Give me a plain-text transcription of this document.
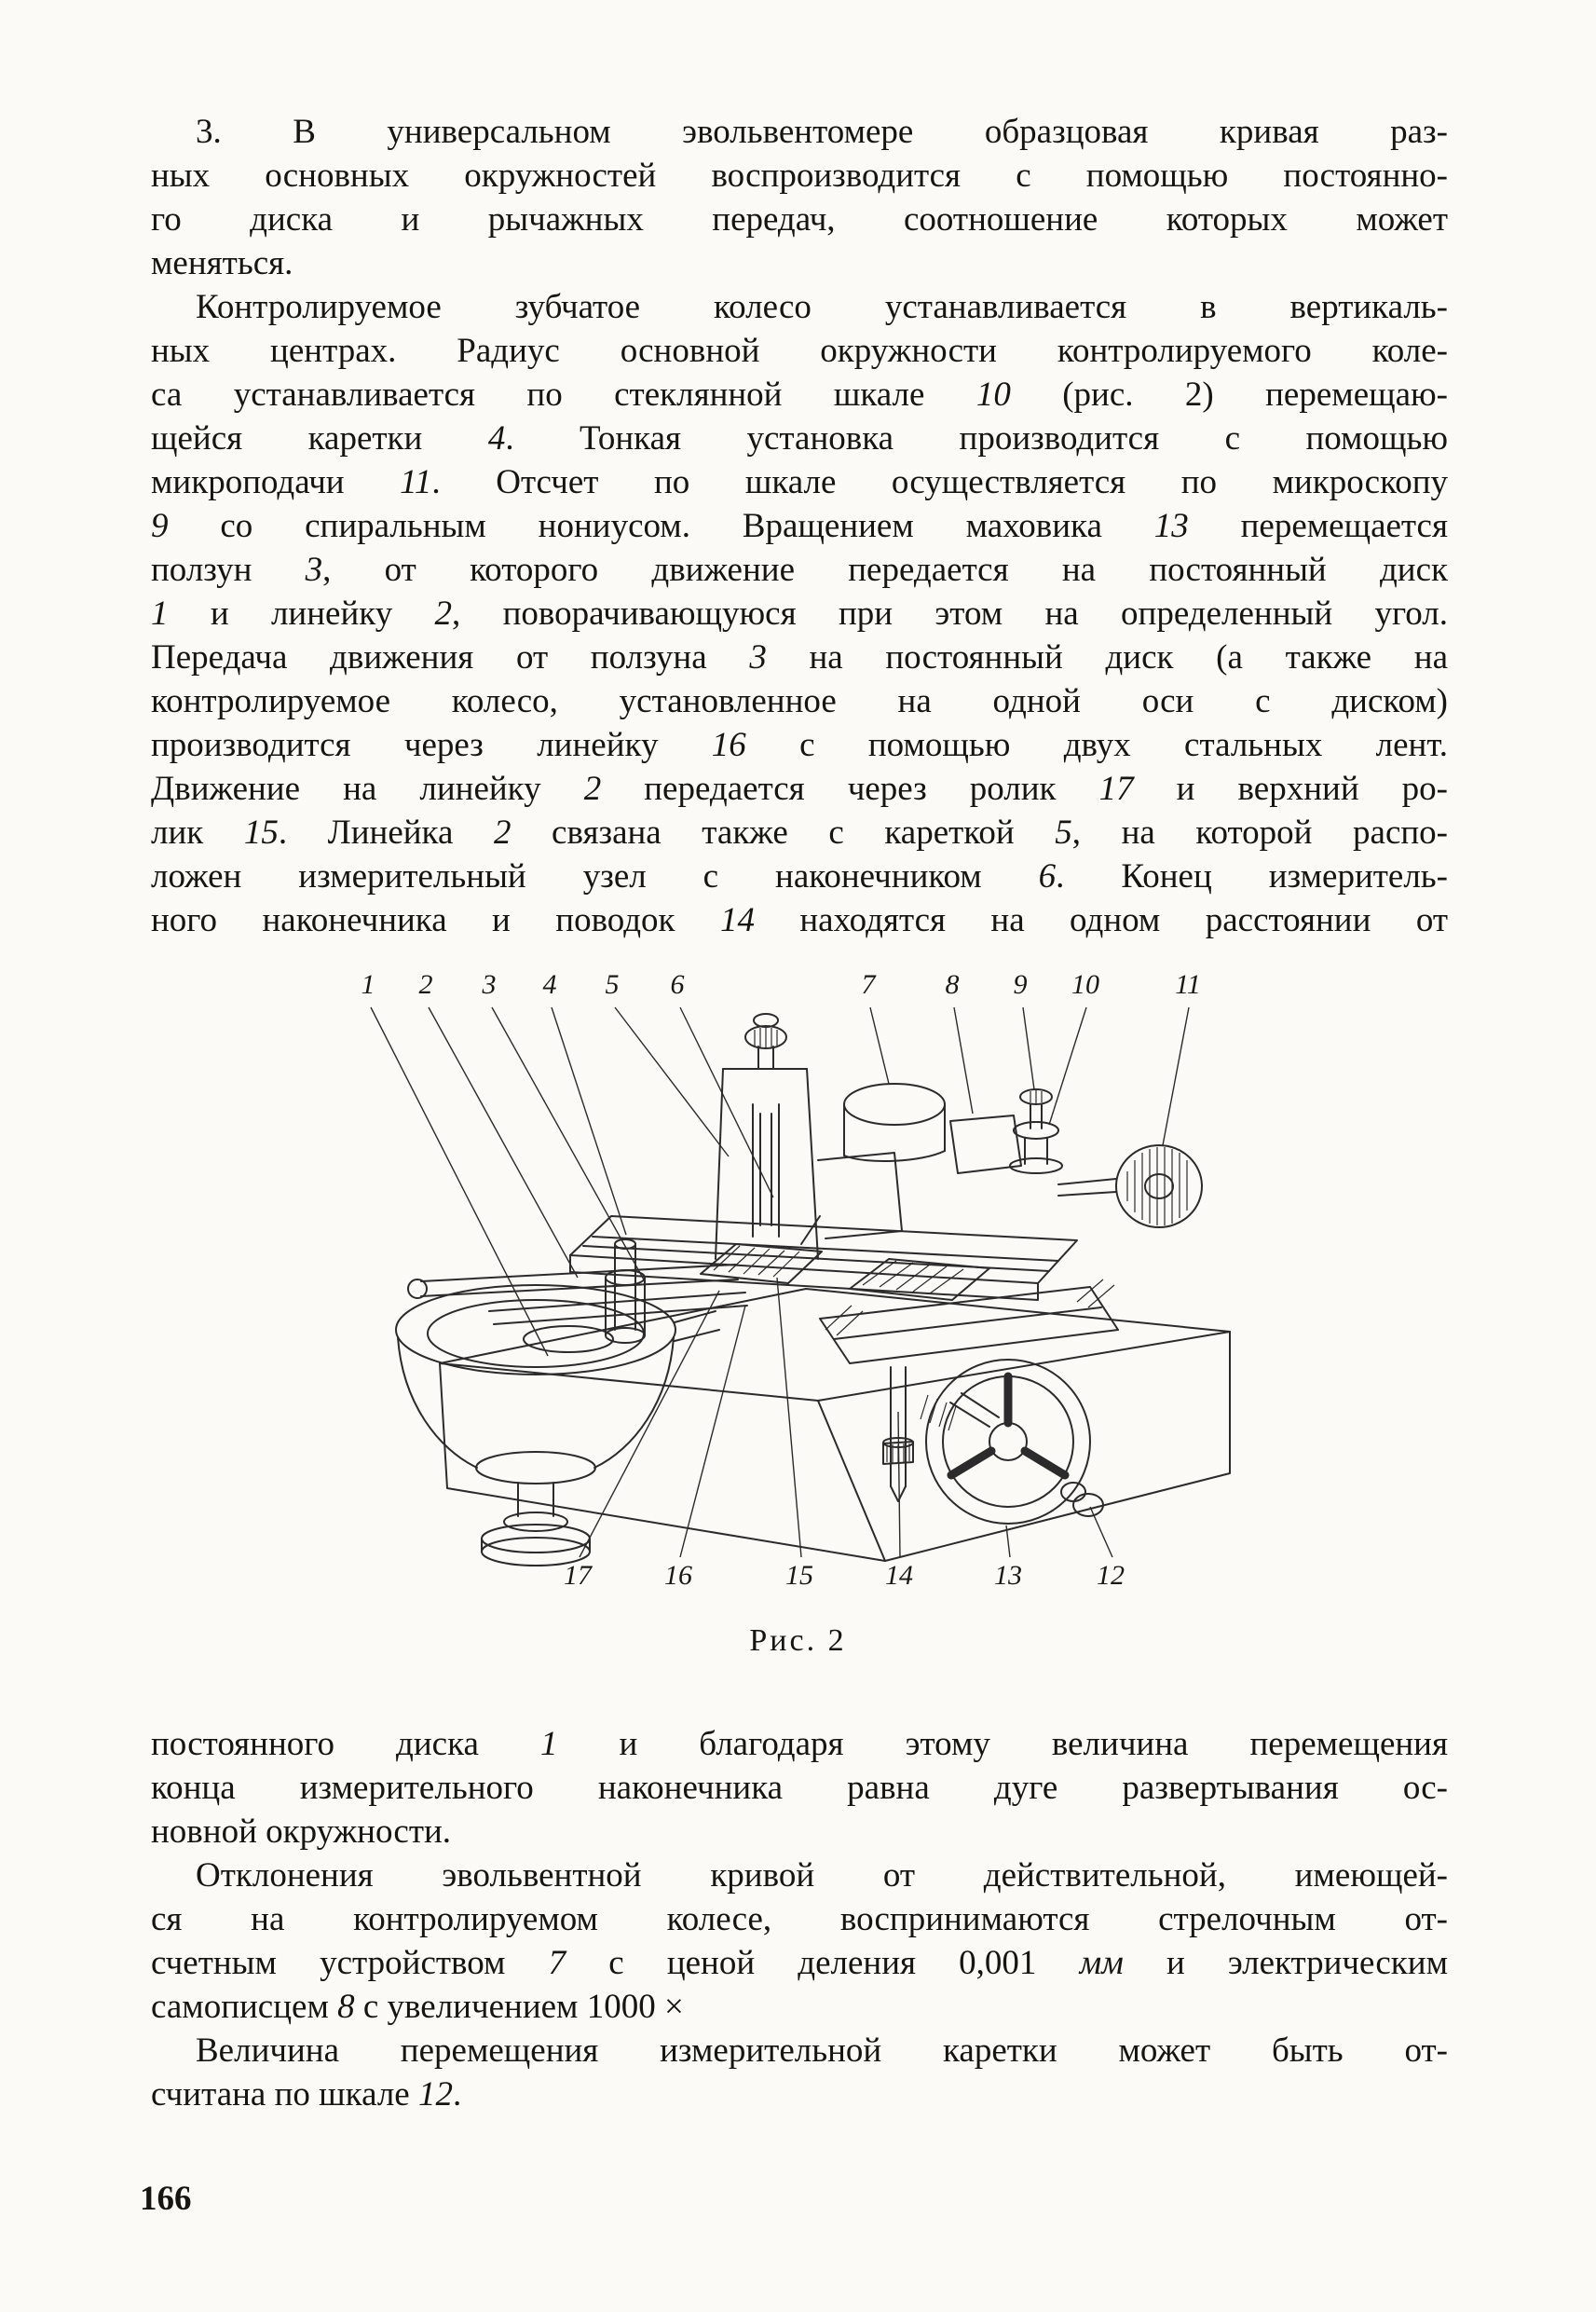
3. В универсальном эвольвентомере образцовая кривая раз-
ных основных окружностей воспроизводится с помощью постоянно-
го диска и рычажных передач, соотношение которых может
меняться.
Контролируемое зубчатое колесо устанавливается в вертикаль-
ных центрах. Радиус основной окружности контролируемого коле-
са устанавливается по стеклянной шкале 10 (рис. 2) перемещаю-
щейся каретки 4. Тонкая установка производится с помощью
микроподачи 11. Отсчет по шкале осуществляется по микроскопу
9 со спиральным нониусом. Вращением маховика 13 перемещается
ползун 3, от которого движение передается на постоянный диск
1 и линейку 2, поворачивающуюся при этом на определенный угол.
Передача движения от ползуна 3 на постоянный диск (а также на
контролируемое колесо, установленное на одной оси с диском)
производится через линейку 16 с помощью двух стальных лент.
Движение на линейку 2 передается через ролик 17 и верхний ро-
лик 15. Линейка 2 связана также с кареткой 5, на которой распо-
ложен измерительный узел с наконечником 6. Конец измеритель-
ного наконечника и поводок 14 находятся на одном расстоянии от
1 2 3 4 5 6	7	8 9 10	11
17	16	15	14	13	12
Рис. 2
постоянного диска 1 и благодаря этому величина перемещения
конца измерительного наконечника равна дуге развертывания ос-
новной окружности.
Отклонения эвольвентной кривой от действительной, имеющей-
ся на контролируемом колесе, воспринимаются стрелочным от-
счетным устройством 7 с ценой деления 0,001 мм и электрическим
самописцем 8 с увеличением 1000 ×
Величина перемещения измерительной каретки может быть от-
считана по шкале 12.
166
